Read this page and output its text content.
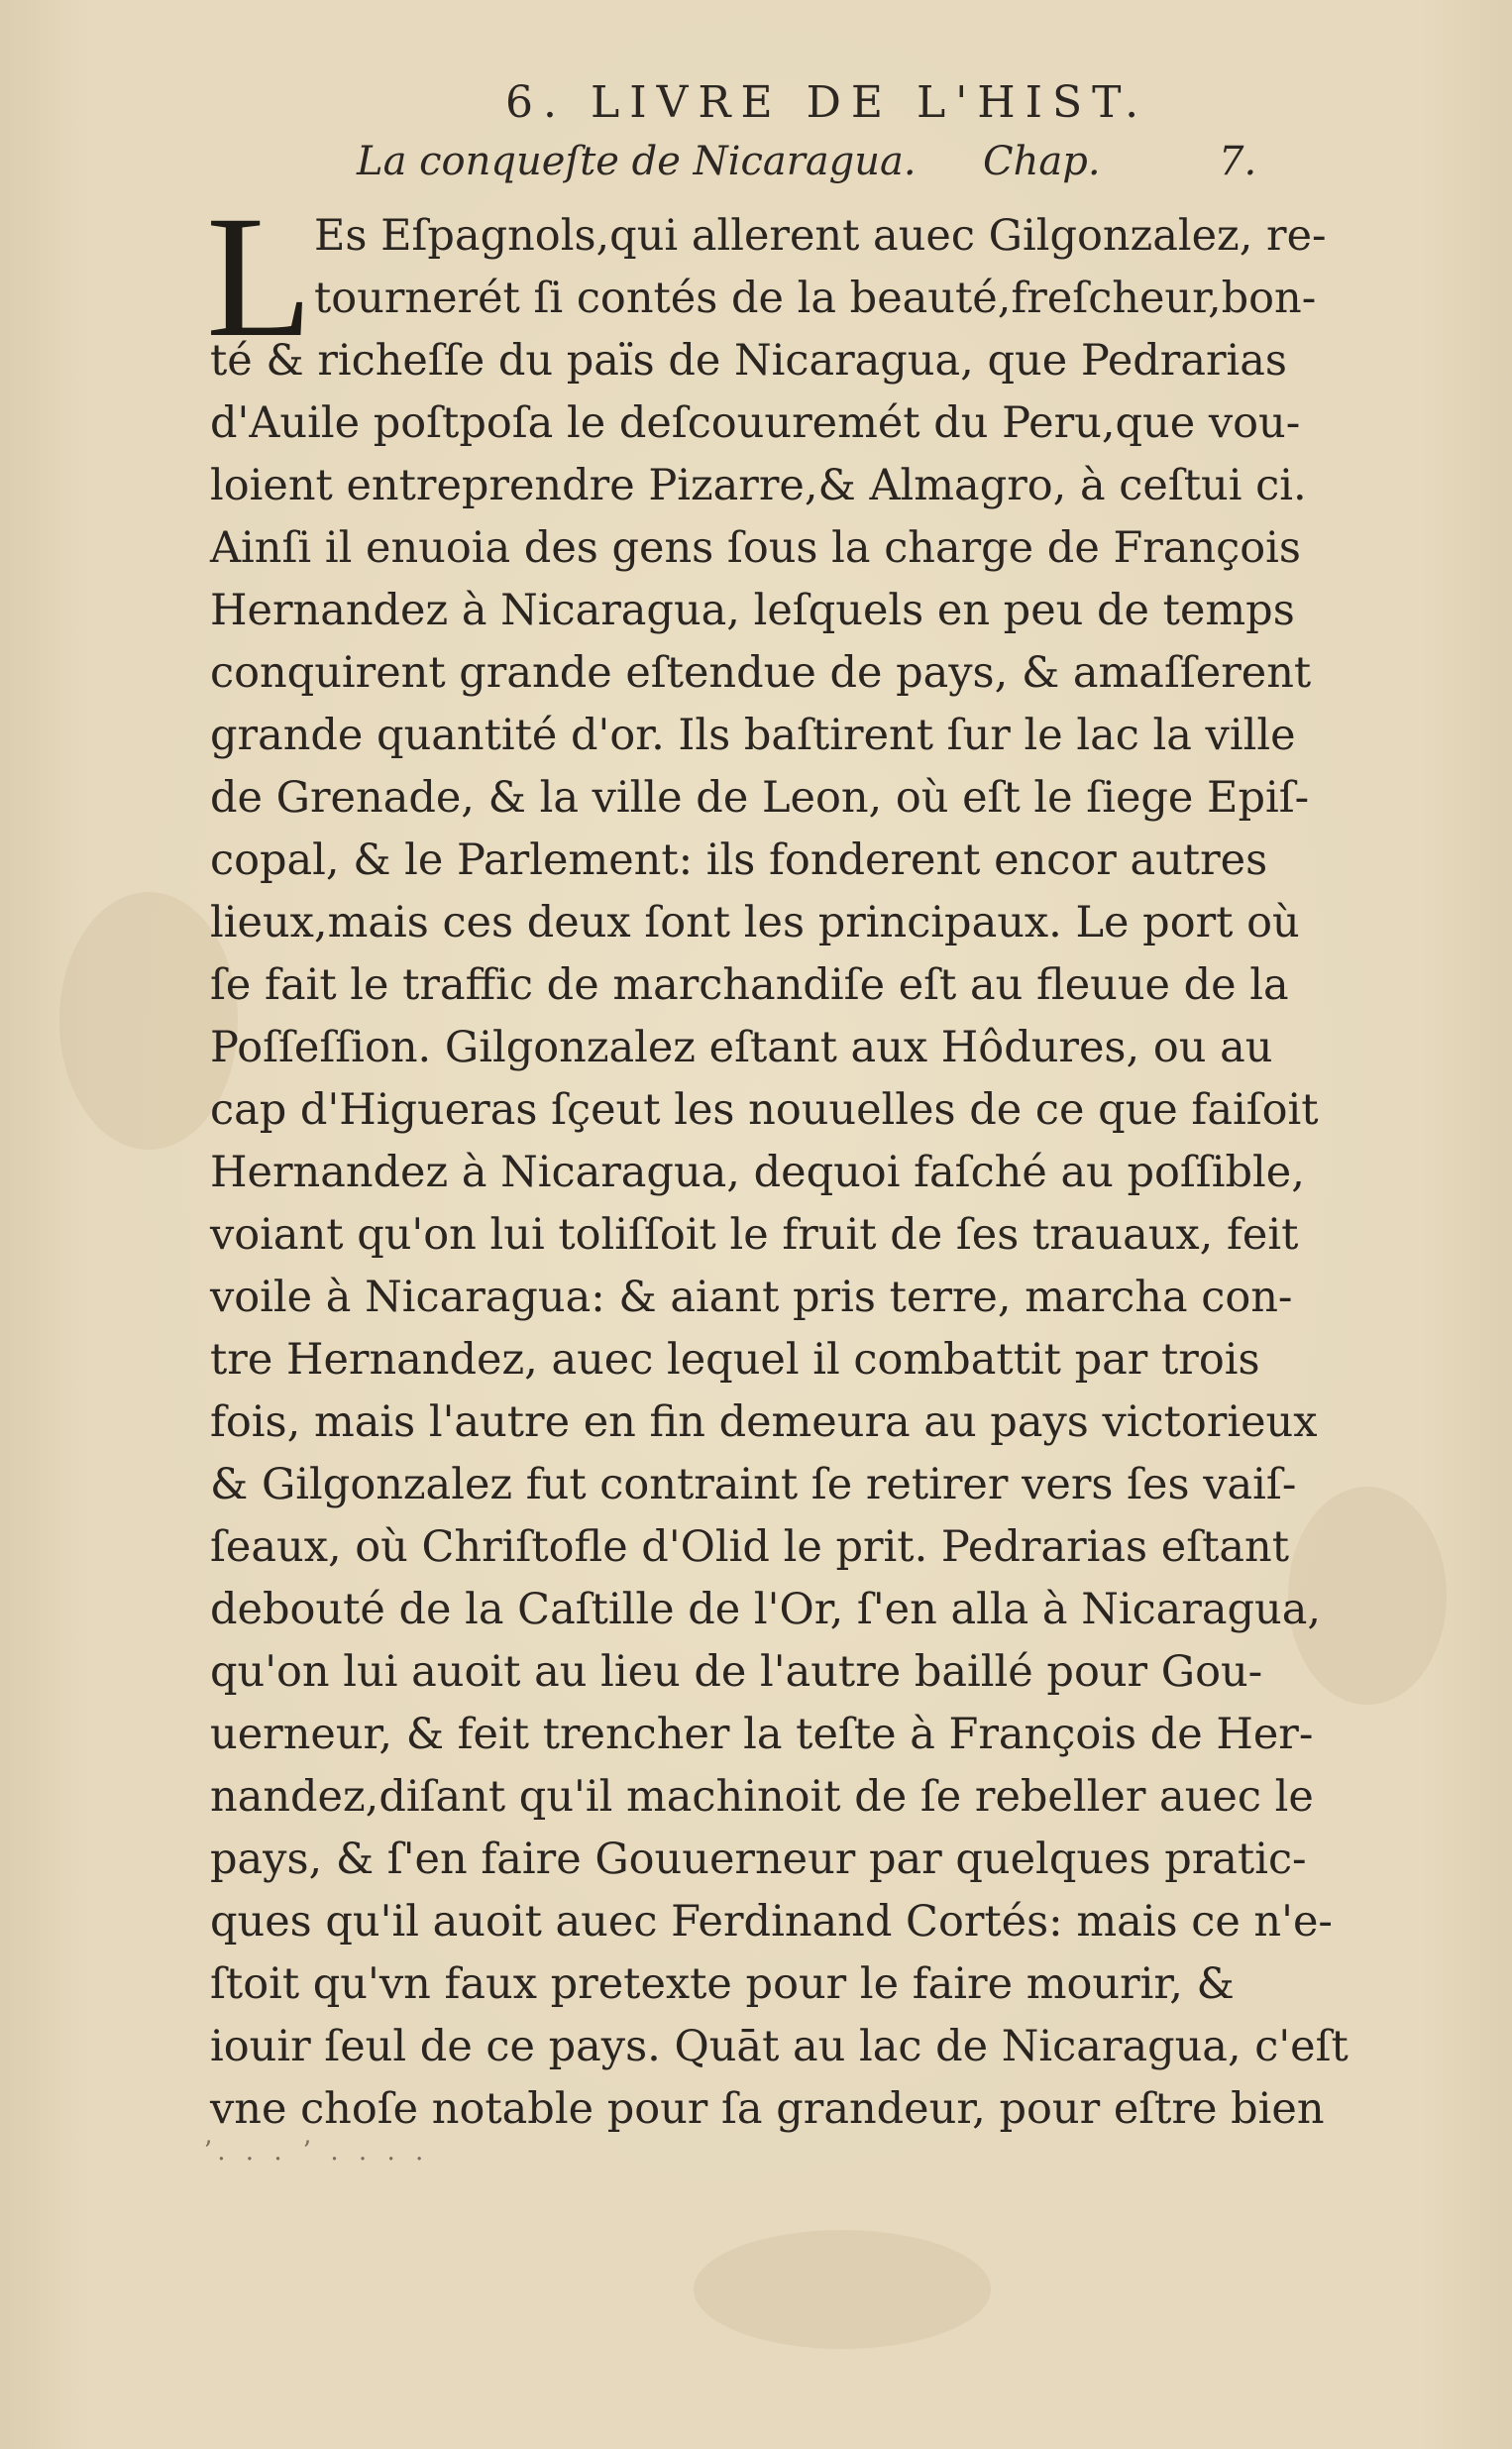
6. LIVRE DE L'HIST.
La conqueſte de Nicaragua. Chap.	7.
L Es Eſpagnols,qui allerent auec Gilgonzalez, re-
tournerét ſi contés de la beauté,freſcheur,bon-
té & richeſſe du païs de Nicaragua, que Pedrarias
d'Auile poſtpoſa le deſcouuremét du Peru,que vou-
loient entreprendre Pizarre,& Almagro, à ceſtui ci.
Ainſi il enuoia des gens ſous la charge de François
Hernandez à Nicaragua, leſquels en peu de temps
conquirent grande eſtendue de pays, & amaſſerent
grande quantité d'or. Ils baſtirent ſur le lac la ville
de Grenade, & la ville de Leon, où eſt le ſiege Epiſ-
copal, & le Parlement: ils fonderent encor autres
lieux,mais ces deux ſont les principaux. Le port où
ſe fait le traffic de marchandiſe eſt au fleuue de la
Poſſeſſion. Gilgonzalez eſtant aux Hôdures, ou au
cap d'Higueras ſçeut les nouuelles de ce que faiſoit
Hernandez à Nicaragua, dequoi faſché au poſſible,
voiant qu'on lui toliſſoit le fruit de ſes trauaux, feit
voile à Nicaragua: & aiant pris terre, marcha con-
tre Hernandez, auec lequel il combattit par trois
fois, mais l'autre en fin demeura au pays victorieux
& Gilgonzalez fut contraint ſe retirer vers ſes vaiſ-
ſeaux, où Chriſtofle d'Olid le prit. Pedrarias eſtant
debouté de la Caſtille de l'Or, ſ'en alla à Nicaragua,
qu'on lui auoit au lieu de l'autre baillé pour Gou-
uerneur, & feit trencher la teſte à François de Her-
nandez,diſant qu'il machinoit de ſe rebeller auec le
pays, & ſ'en faire Gouuerneur par quelques pratic-
ques qu'il auoit auec Ferdinand Cortés: mais ce n'e-
ſtoit qu'vn faux pretexte pour le faire mourir, &
iouir ſeul de ce pays. Quāt au lac de Nicaragua, c'eſt
vne choſe notable pour ſa grandeur, pour eſtre bien
ʼ. . . ʼ . . . .
